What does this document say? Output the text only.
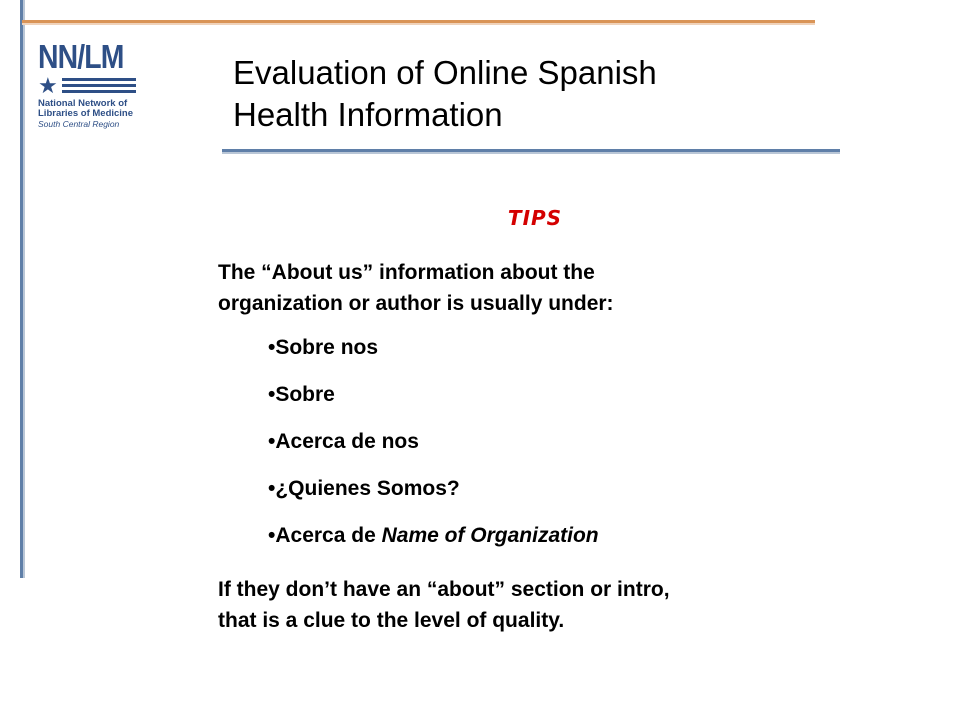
NN/LM
★
National Network of
Libraries of Medicine
South Central Region
Evaluation of Online Spanish
Health Information
TIPS
The “About us” information about the
organization or author is usually under:
•Sobre nos
•Sobre
•Acerca de nos
•¿Quienes Somos?
•Acerca de Name of Organization
If they don’t have an “about” section or intro,
that is a clue to the level of quality.
